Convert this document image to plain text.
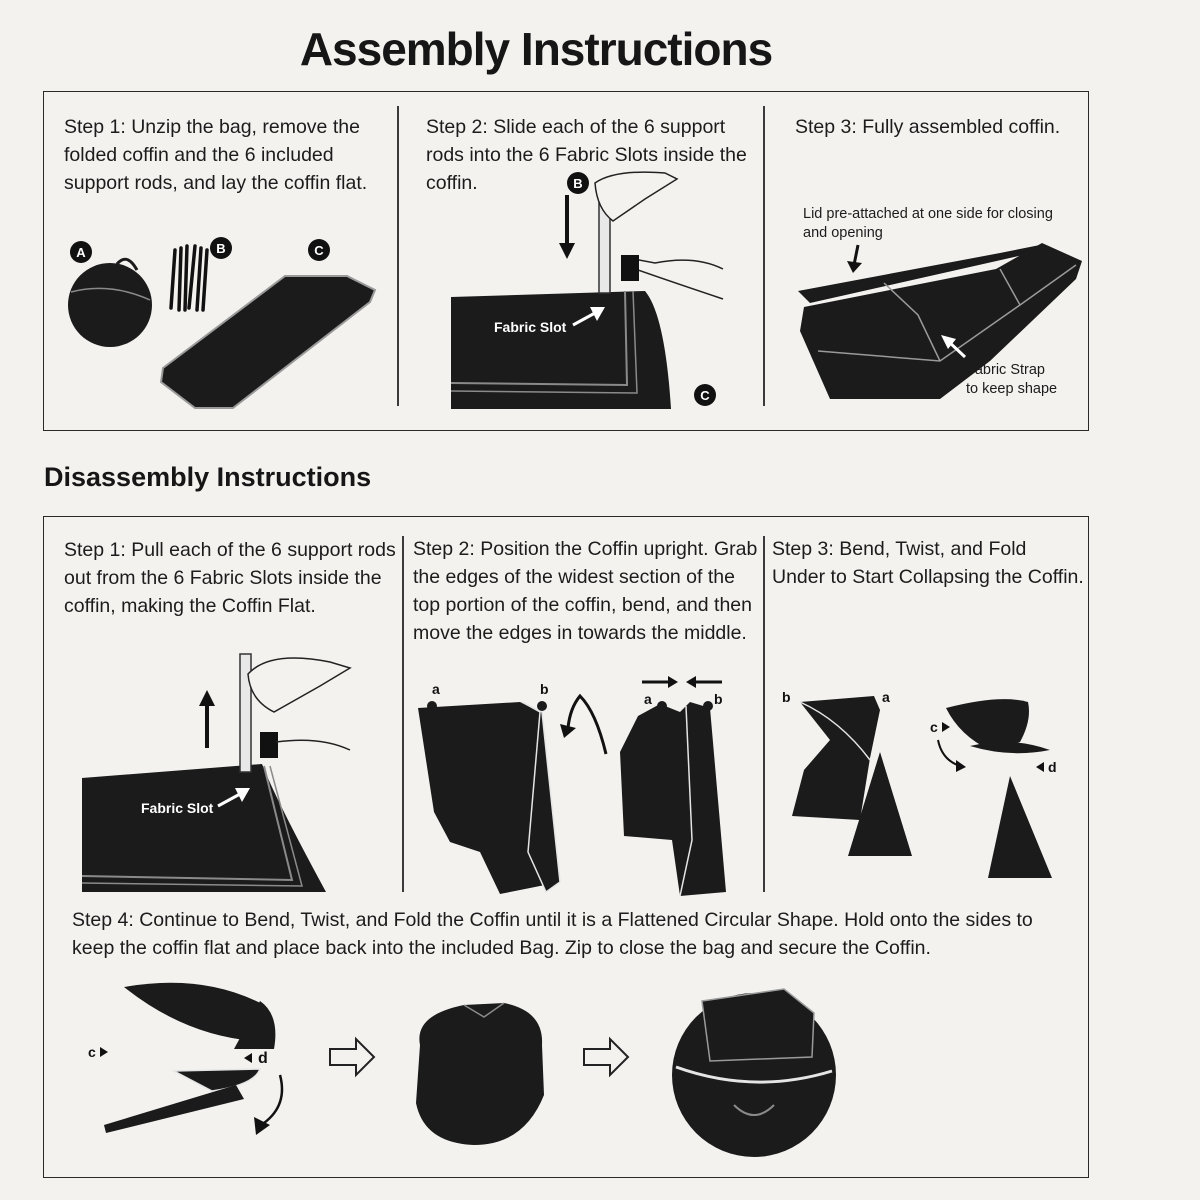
Assembly Instructions
Step 1: Unzip the bag, remove the folded coffin and the 6 included support rods, and lay the coffin flat.
Step 2: Slide each of the 6 support rods into the 6 Fabric Slots inside the coffin.
Step 3: Fully assembled coffin.
A	B	C
Fabric Slot
B
C
Lid pre-attached at one side for closing and opening
Fabric Strap
to keep shape
Disassembly Instructions
Step 1: Pull each of the 6 support rods out from the 6 Fabric Slots inside the coffin, making the Coffin Flat.
Step 2: Position the Coffin upright. Grab the edges of the widest section of the top portion of the coffin, bend, and then move the edges in towards the middle.
Step 3: Bend, Twist, and Fold Under to Start Collapsing the Coffin.
Fabric Slot
a	b
a	b	b	a
c
d
Step 4: Continue to Bend, Twist, and Fold the Coffin until it is a Flattened Circular Shape. Hold onto the sides to keep the coffin flat and place back into the included Bag. Zip to close the bag and secure the Coffin.
c	d
